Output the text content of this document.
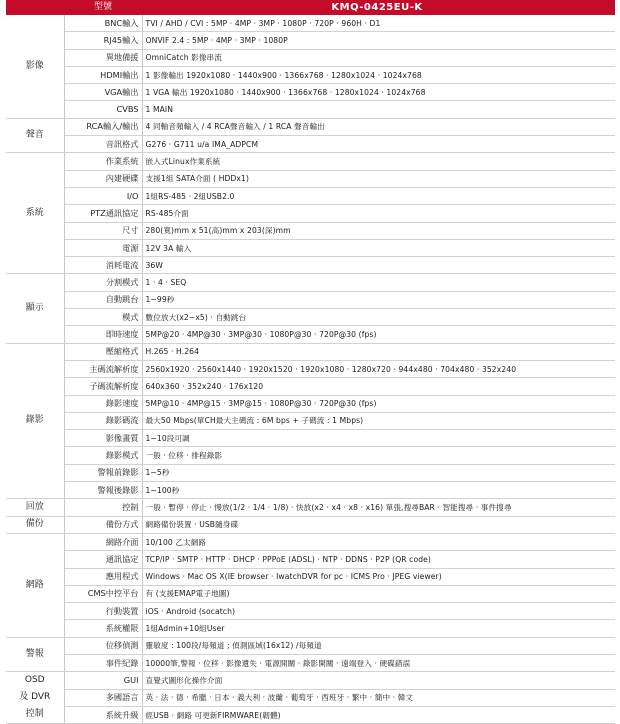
	型號	KMQ-0425EU-K
影像	BNC輸入	TVI / AHD / CVI : 5MP · 4MP · 3MP · 1080P · 720P · 960H · D1
	RJ45輸入	ONVIF 2.4 : 5MP · 4MP · 3MP · 1080P
	異地備援	OmniCatch 影像串流
	HDMI輸出	1 影像輸出 1920x1080 · 1440x900 · 1366x768 · 1280x1024 · 1024x768
	VGA輸出	1 VGA 輸出 1920x1080 · 1440x900 · 1366x768 · 1280x1024 · 1024x768
	CVBS	1 MAIN
聲音	RCA輸入/輸出	4 同軸音頻輸入 / 4 RCA聲音輸入 / 1 RCA 聲音輸出
	音訊格式	G276 · G711 u/a IMA_ADPCM
系統	作業系統	嵌入式Linux作業系統
	內建硬碟	支援1組 SATA介面 ( HDDx1)
	I/O	1組RS-485 · 2組USB2.0
	PTZ通訊協定	RS-485介面
	尺寸	280(寬)mm x 51(高)mm x 203(深)mm
	電源	12V 3A 輸入
	消耗電流	36W
顯示	分割模式	1 · 4 · SEQ
	自動跳台	1~99秒
	模式	數位放大(x2~x5) · 自動跳台
	即時速度	5MP@20 · 4MP@30 · 3MP@30 · 1080P@30 · 720P@30 (fps)
錄影	壓縮格式	H.265 · H.264
	主碼流解析度	2560x1920 · 2560x1440 · 1920x1520 · 1920x1080 · 1280x720 · 944x480 · 704x480 · 352x240
	子碼流解析度	640x360 · 352x240 · 176x120
	錄影速度	5MP@10 · 4MP@15 · 3MP@15 · 1080P@30 · 720P@30 (fps)
	錄影碼流	最大50 Mbps(單CH最大主碼流 : 6M bps + 子碼流 : 1 Mbps)
	影像畫質	1~10段可調
	錄影模式	一般 · 位移 · 排程錄影
	警報前錄影	1~5秒
	警報後錄影	1~100秒
回放	控制	一般 · 暫停 · 停止 · 慢放(1/2 · 1/4 · 1/8) · 快放(x2 · x4 · x8 · x16) 單張,搜尋BAR · 智能搜尋 · 事件搜尋
備份	備份方式	網路備份裝置 · USB隨身碟
網路	網路介面	10/100 乙太網路
	通訊協定	TCP/IP · SMTP · HTTP · DHCP · PPPoE (ADSL) · NTP · DDNS · P2P (QR code)
	應用程式	Windows · Mac OS X(IE browser · IwatchDVR for pc · ICMS Pro · JPEG viewer)
	CMS中控平台	有 (支援EMAP電子地圖)
	行動裝置	iOS · Android (socatch)
	系統權限	1組Admin+10組User
警報	位移偵測	靈敏度 : 100段/每頻道 ; 偵測區域(16x12) /每頻道
	事件紀錄	10000筆,警報 · 位移 · 影像遺失 · 電源開關 · 錄影開關 · 遠端登入 · 硬碟錯誤
OSD
及 DVR
控制	GUI	直覺式圖形化操作介面
	多國語言	英 · 法 · 德 · 希臘 · 日本 · 義大利 · 波蘭 · 葡萄牙 · 西班牙 · 繁中 · 簡中 · 韓文
	系統升級	經USB · 網路 可更新FIRMWARE(韌體)
